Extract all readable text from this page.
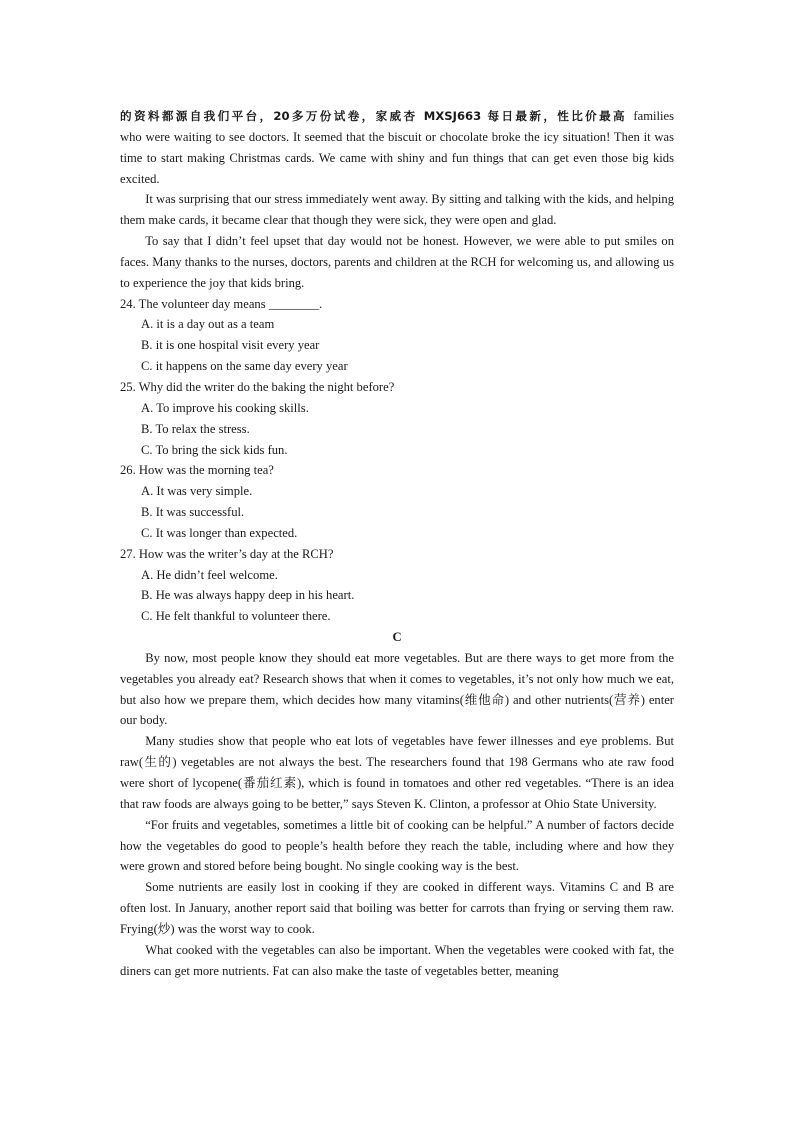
的资料都源自我们平台，20多万份试卷，家威杏 MXSJ663 每日最新，性比价最高 families

who were waiting to see doctors. It seemed that the biscuit or chocolate broke the icy situation! Then it was time to start making Christmas cards. We came with shiny and fun things that can get even those big kids excited.

It was surprising that our stress immediately went away. By sitting and talking with the kids, and helping them make cards, it became clear that though they were sick, they were open and glad.

To say that I didn’t feel upset that day would not be honest. However, we were able to put smiles on faces. Many thanks to the nurses, doctors, parents and children at the RCH for welcoming us, and allowing us to experience the joy that kids bring.

24. The volunteer day means ________.

A. it is a day out as a team

B. it is one hospital visit every year

C. it happens on the same day every year

25. Why did the writer do the baking the night before?

A. To improve his cooking skills.

B. To relax the stress.

C. To bring the sick kids fun.

26. How was the morning tea?

A. It was very simple.

B. It was successful.

C. It was longer than expected.

27. How was the writer’s day at the RCH?

A. He didn’t feel welcome.

B. He was always happy deep in his heart.

C. He felt thankful to volunteer there.

C

By now, most people know they should eat more vegetables. But are there ways to get more from the vegetables you already eat? Research shows that when it comes to vegetables, it’s not only how much we eat, but also how we prepare them, which decides how many vitamins(维他命) and other nutrients(营养) enter our body.

Many studies show that people who eat lots of vegetables have fewer illnesses and eye problems. But raw(生的) vegetables are not always the best. The researchers found that 198 Germans who ate raw food were short of lycopene(番茄红素), which is found in tomatoes and other red vegetables. “There is an idea that raw foods are always going to be better,” says Steven K. Clinton, a professor at Ohio State University.

“For fruits and vegetables, sometimes a little bit of cooking can be helpful.” A number of factors decide how the vegetables do good to people’s health before they reach the table, including where and how they were grown and stored before being bought. No single cooking way is the best.

Some nutrients are easily lost in cooking if they are cooked in different ways. Vitamins C and B are often lost. In January, another report said that boiling was better for carrots than frying or serving them raw. Frying(炒) was the worst way to cook.

What cooked with the vegetables can also be important. When the vegetables were cooked with fat, the diners can get more nutrients. Fat can also make the taste of vegetables better, meaning
